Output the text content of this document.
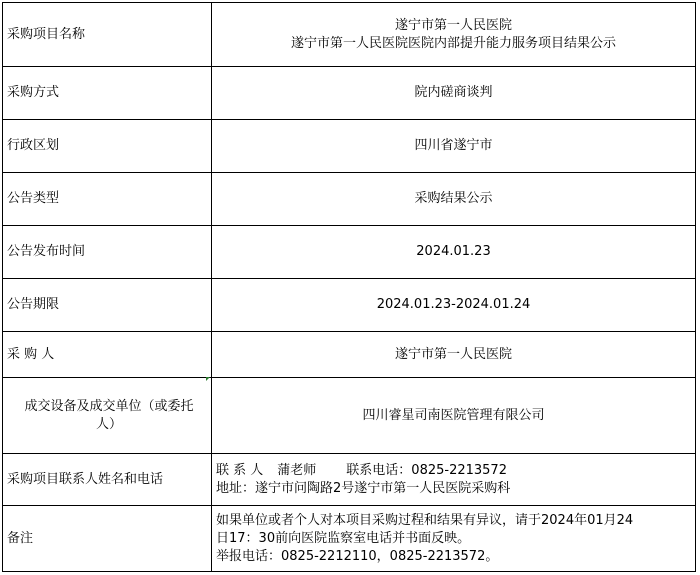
采购项目名称	遂宁市第一人民医院
遂宁市第一人民医院医院内部提升能力服务项目结果公示

采购方式	院内磋商谈判
行政区划	四川省遂宁市
公告类型	采购结果公示
公告发布时间	2024.01.23
公告期限	2024.01.23-2024.01.24
采 购 人	遂宁市第一人民医院

成交设备及成交单位（或委托
人）	四川睿星司南医院管理有限公司
采购项目联系人姓名和电话	联 系 人 蒲老师 联系电话：0825-2213572
地址：遂宁市问陶路2号遂宁市第一人民医院采购科

备注	如果单位或者个人对本项目采购过程和结果有异议，请于2024年01月24
日17：30前向医院监察室电话并书面反映。
举报电话：0825-2212110，0825-2213572。
